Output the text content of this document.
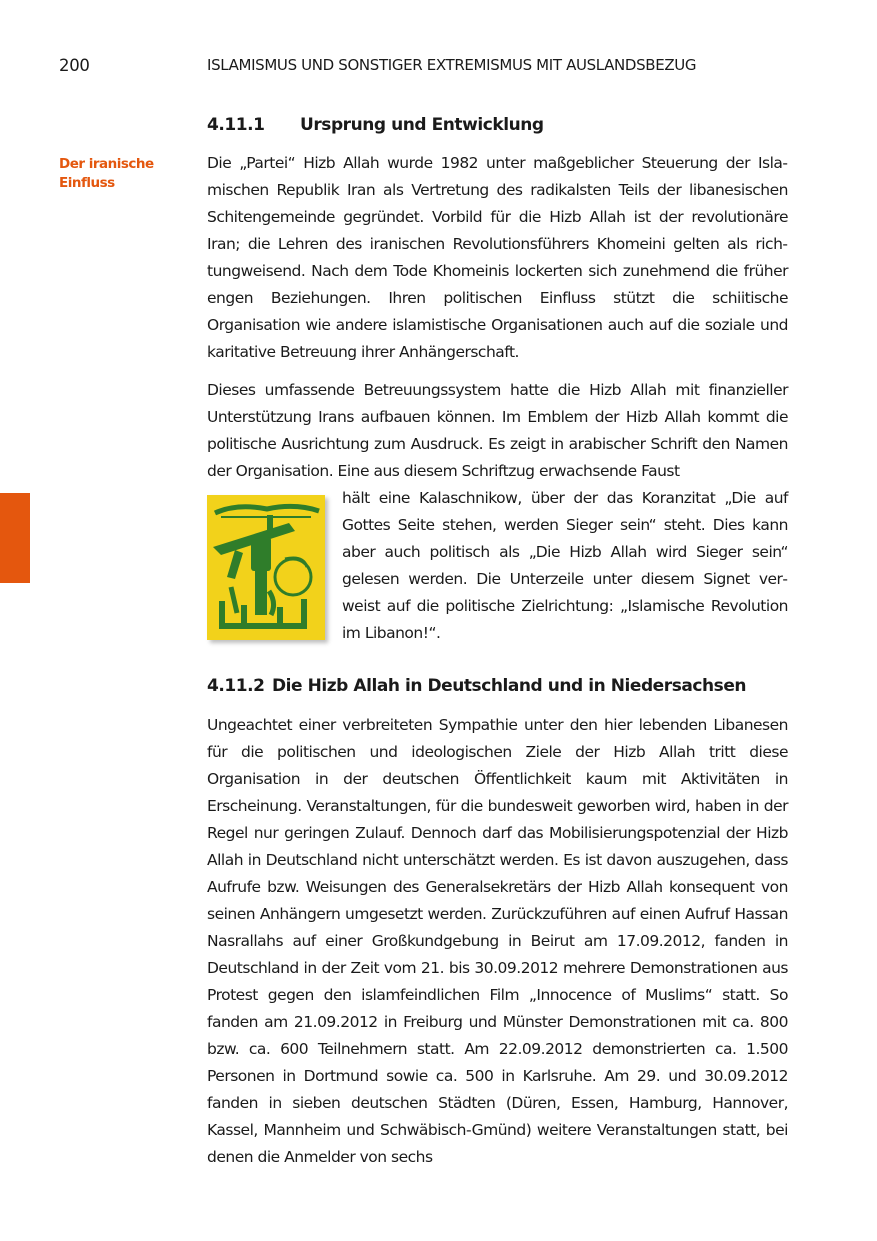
200	ISLAMISMUS UND SONSTIGER EXTREMISMUS MIT AUSLANDSBEZUG
Der iranische Einfluss
4.11.1 Ursprung und Entwicklung

Die „Partei“ Hizb Allah wurde 1982 unter maßgeblicher Steuerung der Islamischen Republik Iran als Vertretung des radikalsten Teils der libanesischen Schitengemeinde gegründet. Vorbild für die Hizb Allah ist der revolutionäre Iran; die Lehren des iranischen Revolutionsführers Khomeini gelten als richtungweisend. Nach dem Tode Khomeinis lockerten sich zunehmend die früher engen Beziehungen. Ihren politischen Einfluss stützt die schiitische Organisation wie andere islamistische Organisationen auch auf die soziale und karitative Betreuung ihrer Anhängerschaft.

Dieses umfassende Betreuungssystem hatte die Hizb Allah mit finanzieller Unterstützung Irans aufbauen können. Im Emblem der Hizb Allah kommt die politische Ausrichtung zum Ausdruck. Es zeigt in arabischer Schrift den Namen der Organisation. Eine aus diesem Schriftzug erwachsende Faust

hält eine Kalaschnikow, über der das Koranzitat „Die auf Gottes Seite stehen, werden Sieger sein“ steht. Dies kann aber auch politisch als „Die Hizb Allah wird Sieger sein“ gelesen werden. Die Unterzeile unter diesem Signet verweist auf die politische Zielrichtung: „Islamische Revolution im Libanon!“.

4.11.2 Die Hizb Allah in Deutschland und in Niedersachsen

Ungeachtet einer verbreiteten Sympathie unter den hier lebenden Libanesen für die politischen und ideologischen Ziele der Hizb Allah tritt diese Organisation in der deutschen Öffentlichkeit kaum mit Aktivitäten in Erscheinung. Veranstaltungen, für die bundesweit geworben wird, haben in der Regel nur geringen Zulauf. Dennoch darf das Mobilisierungspotenzial der Hizb Allah in Deutschland nicht unterschätzt werden. Es ist davon auszugehen, dass Aufrufe bzw. Weisungen des Generalsekretärs der Hizb Allah konsequent von seinen Anhängern umgesetzt werden. Zurückzuführen auf einen Aufruf Hassan Nasrallahs auf einer Großkundgebung in Beirut am 17.09.2012, fanden in Deutschland in der Zeit vom 21. bis 30.09.2012 mehrere Demonstrationen aus Protest gegen den islamfeindlichen Film „Innocence of Muslims“ statt. So fanden am 21.09.2012 in Freiburg und Münster Demonstrationen mit ca. 800 bzw. ca. 600 Teilnehmern statt. Am 22.09.2012 demonstrierten ca. 1.500 Personen in Dortmund sowie ca. 500 in Karlsruhe. Am 29. und 30.09.2012 fanden in sieben deutschen Städten (Düren, Essen, Hamburg, Hannover, Kassel, Mannheim und Schwäbisch-Gmünd) weitere Veranstaltungen statt, bei denen die Anmelder von sechs
